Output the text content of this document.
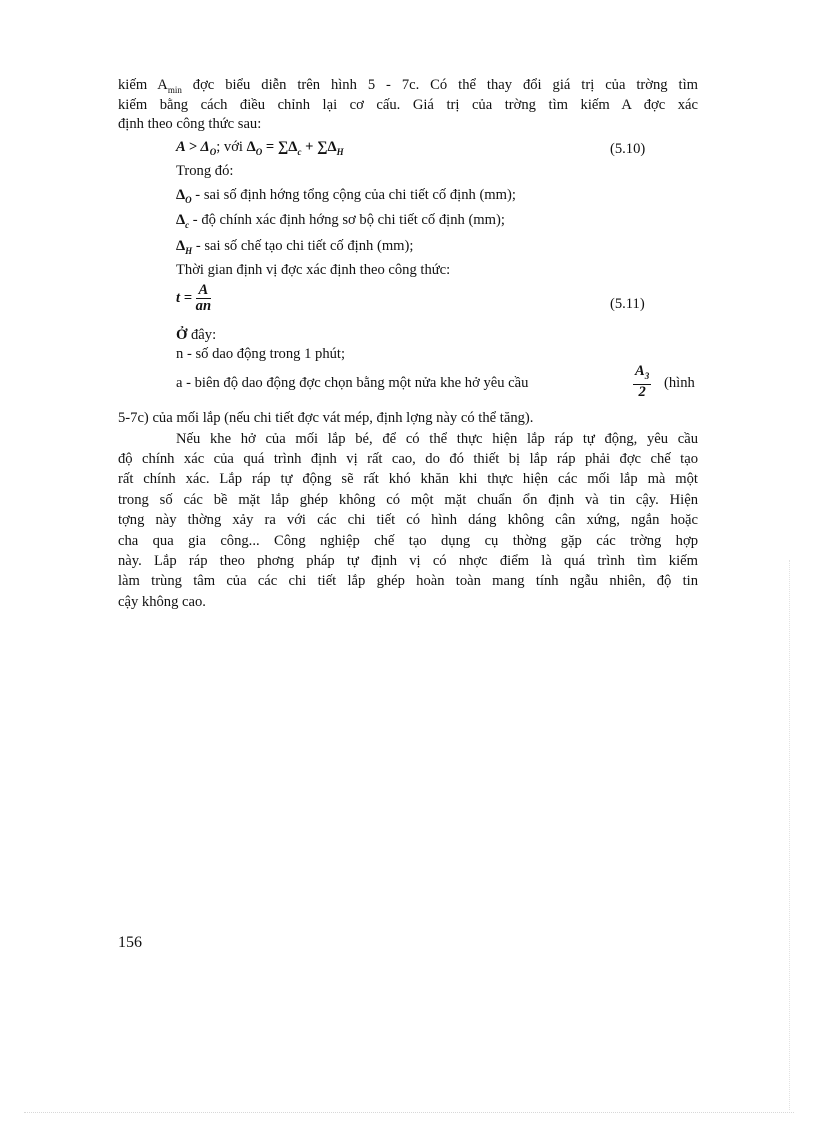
kiếm $A_{min}$ đợc biểu diễn trên hình 5 - 7c. Có thể thay đổi giá trị của trờng tìm
kiếm bằng cách điều chỉnh lại cơ cấu. Giá trị của trờng tìm kiếm A đợc xác
định theo công thức sau:
$A > \Delta_O$; với $\Delta_O = \sum\Delta_c + \sum\Delta_H$	(5.10)
Trong đó:
$\Delta_O$ - sai số định hớng tổng cộng của chi tiết cố định (mm);
$\Delta_c$ - độ chính xác định hớng sơ bộ chi tiết cố định (mm);
$\Delta_H$ - sai số chế tạo chi tiết cố định (mm);
Thời gian định vị đợc xác định theo công thức:
$t = \frac{A}{an}$	(5.11)
Ở đây:
n - số dao động trong 1 phút;
a - biên độ dao động đợc chọn bằng một nửa khe hở yêu cầu	$\frac{A_3}{2}$ (hình
5-7c) của mối lắp (nếu chi tiết đợc vát mép, định lợng này có thể tăng).
Nếu khe hở của mối lắp bé, để có thể thực hiện lắp ráp tự động, yêu cầu
độ chính xác của quá trình định vị rất cao, do đó thiết bị lắp ráp phải đợc chế tạo
rất chính xác. Lắp ráp tự động sẽ rất khó khăn khi thực hiện các mối lắp mà một
trong số các bề mặt lắp ghép không có một mặt chuẩn ổn định và tin cậy. Hiện
tợng này thờng xảy ra với các chi tiết có hình dáng không cân xứng, ngắn hoặc
cha qua gia công... Công nghiệp chế tạo dụng cụ thờng gặp các trờng hợp
này. Lắp ráp theo phơng pháp tự định vị có nhợc điểm là quá trình tìm kiếm
làm trùng tâm của các chi tiết lắp ghép hoàn toàn mang tính ngẫu nhiên, độ tin
cậy không cao.
156
